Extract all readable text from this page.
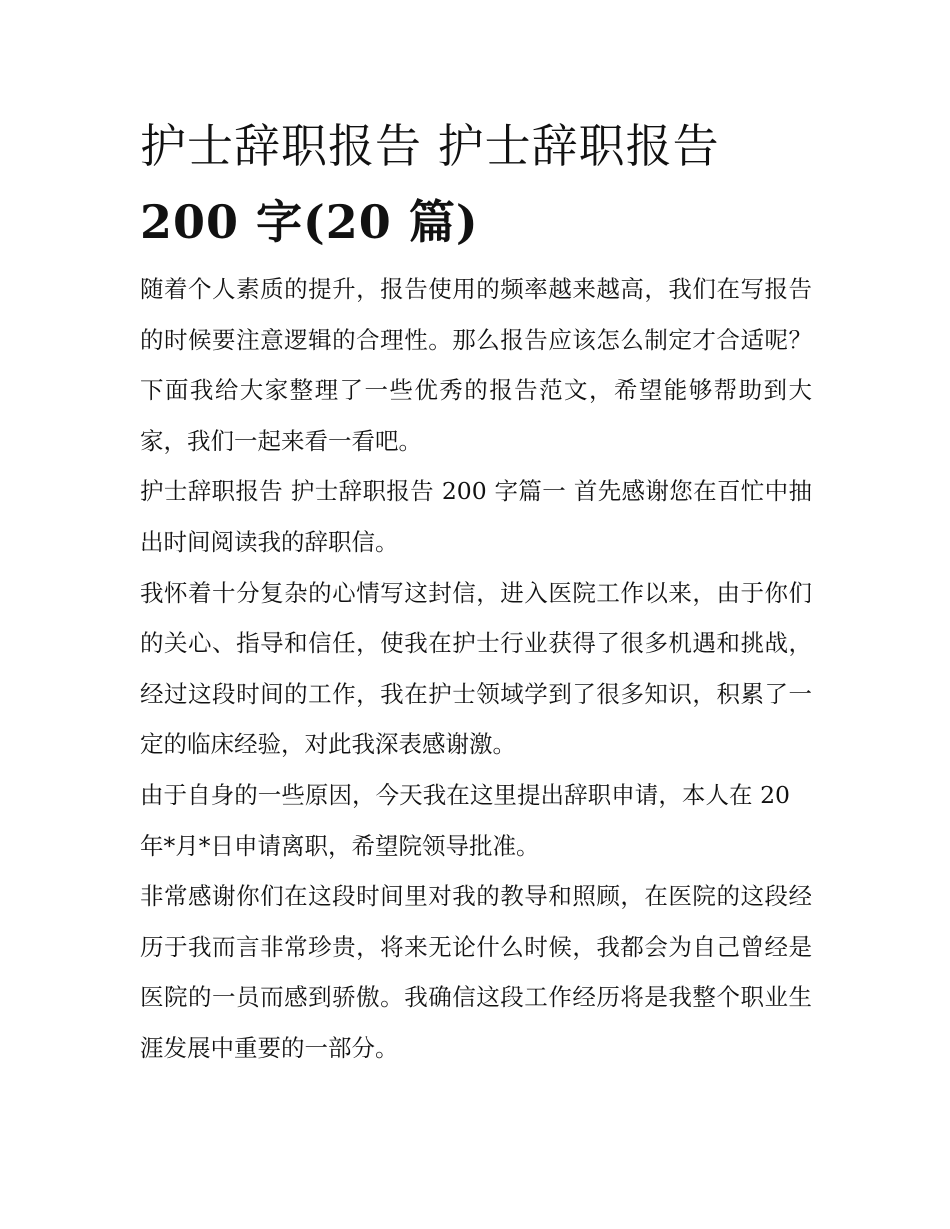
护士辞职报告 护士辞职报告
200 字(20 篇)

随着个人素质的提升，报告使用的频率越来越高，我们在写报告的时候要注意逻辑的合理性。那么报告应该怎么制定才合适呢？下面我给大家整理了一些优秀的报告范文，希望能够帮助到大家，我们一起来看一看吧。

护士辞职报告 护士辞职报告 200 字篇一 首先感谢您在百忙中抽出时间阅读我的辞职信。

我怀着十分复杂的心情写这封信，进入医院工作以来，由于你们的关心、指导和信任，使我在护士行业获得了很多机遇和挑战，经过这段时间的工作，我在护士领域学到了很多知识，积累了一定的临床经验，对此我深表感谢激。

由于自身的一些原因，今天我在这里提出辞职申请，本人在 20 年*月*日申请离职，希望院领导批准。

非常感谢你们在这段时间里对我的教导和照顾，在医院的这段经历于我而言非常珍贵，将来无论什么时候，我都会为自己曾经是医院的一员而感到骄傲。我确信这段工作经历将是我整个职业生涯发展中重要的一部分。
